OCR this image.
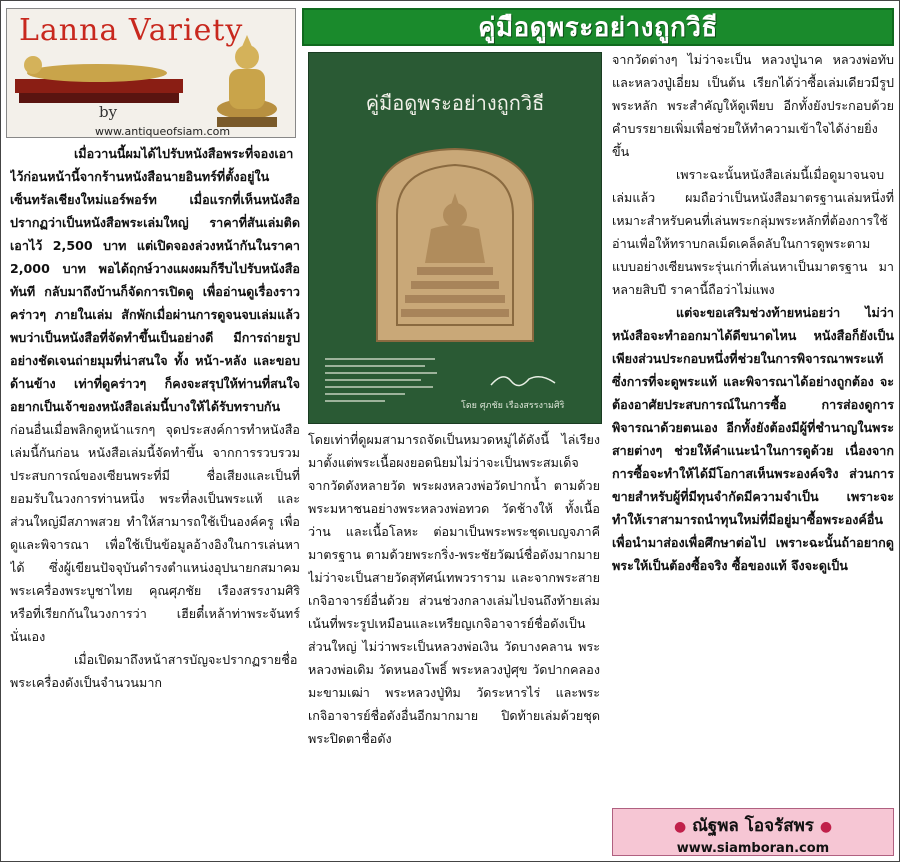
Lanna Variety
by
www.antiqueofsiam.com
คู่มือดูพระอย่างถูกวิธี

เมื่อวานนี้ผมได้ไปรับหนังสือพระที่จองเอาไว้ก่อนหน้านี้จากร้านหนังสือนายอินทร์ที่ตั้งอยู่ในเซ็นทรัลเชียงใหม่แอร์พอร์ท เมื่อแรกที่เห็นหนังสือปรากฏว่าเป็นหนังสือพระเล่มใหญ่ ราคาที่สันเล่มติดเอาไว้ 2,500 บาท แต่เปิดจองล่วงหน้ากันในราคา 2,000 บาท พอได้ฤกษ์วางแผงผมก็รีบไปรับหนังสือทันที กลับมาถึงบ้านก็จัดการเปิดดู เพื่ออ่านดูเรื่องราวคร่าวๆ ภายในเล่ม สักพักเมื่อผ่านการดูจนจบเล่มแล้ว พบว่าเป็นหนังสือที่จัดทำขึ้นเป็นอย่างดี มีการถ่ายรูปอย่างชัดเจนถ่ายมุมที่น่าสนใจ ทั้ง หน้า-หลัง และขอบด้านข้าง เท่าที่ดูคร่าวๆ ก็คงจะสรุปให้ท่านที่สนใจอยากเป็นเจ้าของหนังสือเล่มนี้บางให้ได้รับทราบกัน ก่อนอื่นเมื่อพลิกดูหน้าแรกๆ จุดประสงค์การทำหนังสือเล่มนี้กันก่อน หนังสือเล่มนี้จัดทำขึ้น จากการรวบรวมประสบการณ์ของเซียนพระที่มี ชื่อเสียงและเป็นที่ยอมรับในวงการท่านหนึ่ง พระที่ลงเป็นพระแท้ และส่วนใหญ่มีสภาพสวย ทำให้สามารถใช้เป็นองค์ครู เพื่อดูและพิจารณา เพื่อใช้เป็นข้อมูลอ้างอิงในการเล่นหาได้ ซึ่งผู้เขียนปัจจุบันดำรงตำแหน่งอุปนายกสมาคมพระเครื่องพระบูชาไทย คุณศุภชัย เรืองสรรงามศิริ หรือที่เรียกกันในวงการว่า เฮียตี๋เหล้าท่าพระจันทร์ นั่นเอง

เมื่อเปิดมาถึงหน้าสารบัญจะปรากฏรายชื่อพระเครื่องดังเป็นจำนวนมาก

คู่มือดูพระอย่างถูกวิธี
โดย ศุภชัย เรืองสรรงามศิริ

โดยเท่าที่ดูผมสามารถจัดเป็นหมวดหมู่ได้ดังนี้ ไล่เรียงมาตั้งแต่พระเนื้อผงยอดนิยมไม่ว่าจะเป็นพระสมเด็จจากวัดดังหลายวัด พระผงหลวงพ่อวัดปากน้ำ ตามด้วยพระมหาชนอย่างพระหลวงพ่อทวด วัดช้างให้ ทั้งเนื้อว่าน และเนื้อโลหะ ต่อมาเป็นพระพระชุดเบญจภาคีมาตรฐาน ตามด้วยพระกริ่ง-พระชัยวัฒน์ชื่อดังมากมาย ไม่ว่าจะเป็นสายวัดสุทัศน์เทพวราราม และจากพระสายเกจิอาจารย์อื่นด้วย ส่วนช่วงกลางเล่มไปจนถึงท้ายเล่มเน้นที่พระรูปเหมือนและเหรียญเกจิอาจารย์ชื่อดังเป็นส่วนใหญ่ ไม่ว่าพระเป็นหลวงพ่อเงิน วัดบางคลาน พระหลวงพ่อเดิม วัดหนองโพธิ์ พระหลวงปู่ศุข วัดปากคลองมะขามเฒ่า พระหลวงปู่ทิม วัดระหารไร่ และพระเกจิอาจารย์ชื่อดังอื่นอีกมากมาย ปิดท้ายเล่มด้วยชุดพระปิดตาชื่อดัง

จากวัดต่างๆ ไม่ว่าจะเป็น หลวงปู่นาค หลวงพ่อทับ และหลวงปู่เอี่ยม เป็นต้น เรียกได้ว่าซื้อเล่มเดียวมีรูปพระหลัก พระสำคัญให้ดูเพียบ อีกทั้งยังประกอบด้วยคำบรรยายเพิ่มเพื่อช่วยให้ทำความเข้าใจได้ง่ายยิ่งขึ้น

เพราะฉะนั้นหนังสือเล่มนี้เมื่อดูมาจนจบเล่มแล้ว ผมถือว่าเป็นหนังสือมาตรฐานเล่มหนึ่งที่เหมาะสำหรับคนที่เล่นพระกลุ่มพระหลักที่ต้องการใช้อ่านเพื่อให้ทราบกลเม็ดเคล็ดลับในการดูพระตามแบบอย่างเซียนพระรุ่นเก่าที่เล่นหาเป็นมาตรฐาน มาหลายสิบปี ราคานี้ถือว่าไม่แพง

แต่จะขอเสริมช่วงท้ายหน่อยว่า ไม่ว่าหนังสือจะทำออกมาได้ดีขนาดไหน หนังสือก็ยังเป็นเพียงส่วนประกอบหนึ่งที่ช่วยในการพิจารณาพระแท้ ซึ่งการที่จะดูพระแท้ และพิจารณาได้อย่างถูกต้อง จะต้องอาศัยประสบการณ์ในการซื้อ การส่องดูการพิจารณาด้วยตนเอง อีกทั้งยังต้องมีผู้ที่ชำนาญในพระสายต่างๆ ช่วยให้คำแนะนำในการดูด้วย เนื่องจากการซื้อจะทำให้ได้มีโอกาสเห็นพระองค์จริง ส่วนการขายสำหรับผู้ที่มีทุนจำกัดมีความจำเป็น เพราะจะทำให้เราสามารถนำทุนใหม่ที่มีอยู่มาซื้อพระองค์อื่นเพื่อนำมาส่องเพื่อศึกษาต่อไป เพราะฉะนั้นถ้าอยากดูพระให้เป็นต้องซื้อจริง ซื้อของแท้ จึงจะดูเป็น

● ณัฐพล โอจรัสพร ●
www.siamboran.com
